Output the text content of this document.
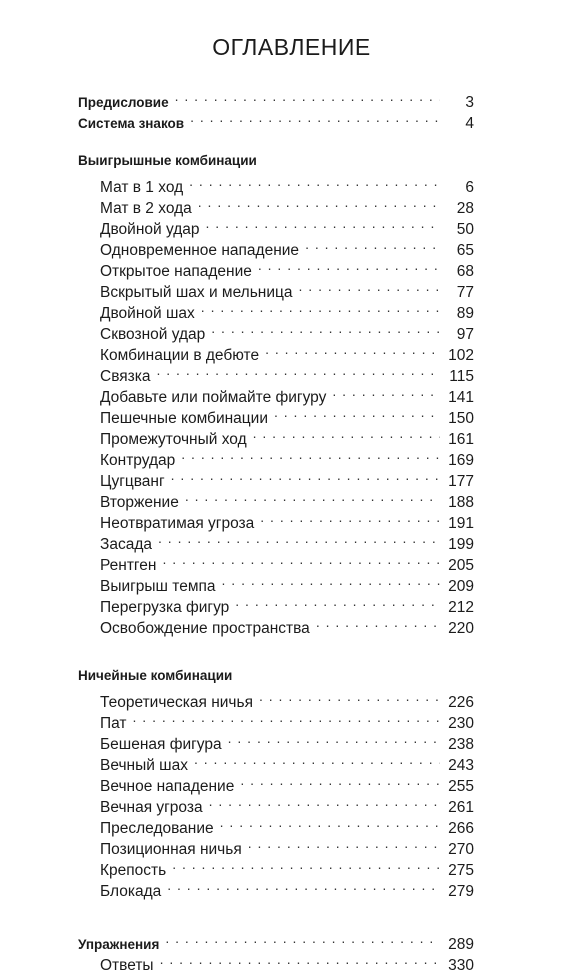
ОГЛАВЛЕНИЕ
Предисловие . . .	3
Система знаков . . .	4
Выигрышные комбинации
Мат в 1 ход . . .	6
Мат в 2 хода . . .	28
Двойной удар . . .	50
Одновременное нападение . . .	65
Открытое нападение . . .	68
Вскрытый шах и мельница . . .	77
Двойной шах . . .	89
Сквозной удар . . .	97
Комбинации в дебюте . . .	102
Связка . . .	115
Добавьте или поймайте фигуру . . .	141
Пешечные комбинации . . .	150
Промежуточный ход . . .	161
Контрудар . . .	169
Цугцванг . . .	177
Вторжение . . .	188
Неотвратимая угроза . . .	191
Засада . . .	199
Рентген . . .	205
Выигрыш темпа . . .	209
Перегрузка фигур . . .	212
Освобождение пространства . . .	220
Ничейные комбинации
Теоретическая ничья . . .	226
Пат . . .	230
Бешеная фигура . . .	238
Вечный шах . . .	243
Вечное нападение . . .	255
Вечная угроза . . .	261
Преследование . . .	266
Позиционная ничья . . .	270
Крепость . . .	275
Блокада . . .	279
Упражнения . . .	289
Ответы . . .	330
